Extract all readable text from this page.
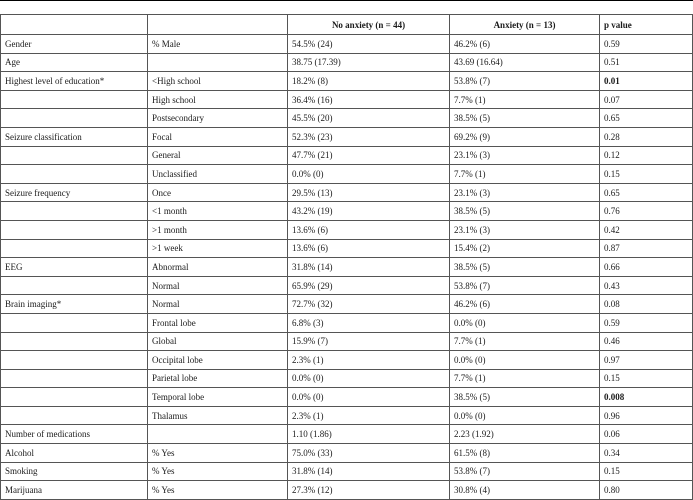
		No anxiety (n = 44)	Anxiety (n = 13)	p value
Gender	% Male	54.5% (24)	46.2% (6)	0.59
Age		38.75 (17.39)	43.69 (16.64)	0.51
Highest level of education*	<High school	18.2% (8)	53.8% (7)	0.01
	High school	36.4% (16)	7.7% (1)	0.07
	Postsecondary	45.5% (20)	38.5% (5)	0.65
Seizure classification	Focal	52.3% (23)	69.2% (9)	0.28
	General	47.7% (21)	23.1% (3)	0.12
	Unclassified	0.0% (0)	7.7% (1)	0.15
Seizure frequency	Once	29.5% (13)	23.1% (3)	0.65
	<1 month	43.2% (19)	38.5% (5)	0.76
	>1 month	13.6% (6)	23.1% (3)	0.42
	>1 week	13.6% (6)	15.4% (2)	0.87
EEG	Abnormal	31.8% (14)	38.5% (5)	0.66
	Normal	65.9% (29)	53.8% (7)	0.43
Brain imaging*	Normal	72.7% (32)	46.2% (6)	0.08
	Frontal lobe	6.8% (3)	0.0% (0)	0.59
	Global	15.9% (7)	7.7% (1)	0.46
	Occipital lobe	2.3% (1)	0.0% (0)	0.97
	Parietal lobe	0.0% (0)	7.7% (1)	0.15
	Temporal lobe	0.0% (0)	38.5% (5)	0.008
	Thalamus	2.3% (1)	0.0% (0)	0.96
Number of medications		1.10 (1.86)	2.23 (1.92)	0.06
Alcohol	% Yes	75.0% (33)	61.5% (8)	0.34
Smoking	% Yes	31.8% (14)	53.8% (7)	0.15
Marijuana	% Yes	27.3% (12)	30.8% (4)	0.80
